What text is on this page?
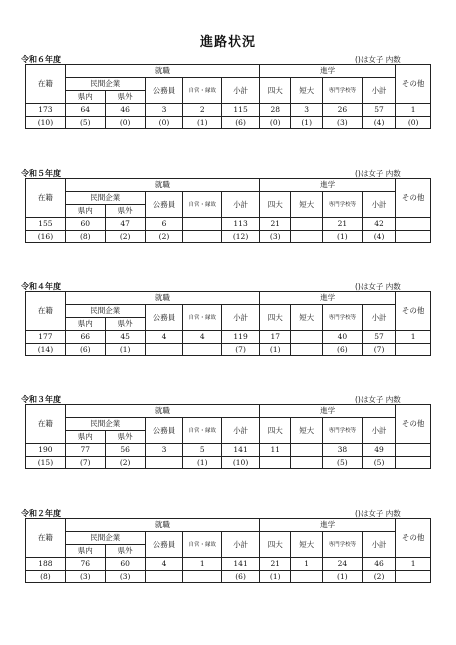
進路状況
令和６年度	()は女子 内数
在籍	就職					進学				その他
	民間企業		公務員	自営・縁故	小計	四大	短大	専門学校等	小計	
	県内	県外								
173	64	46	3	2	115	28	3	26	57	1
(10)	(5)	(0)	(0)	(1)	(6)	(0)	(1)	(3)	(4)	(0)
令和５年度	()は女子 内数
在籍	就職					進学				その他
	民間企業		公務員	自営・縁故	小計	四大	短大	専門学校等	小計	
	県内	県外								
155	60	47	6		113	21		21	42	
(16)	(8)	(2)	(2)		(12)	(3)		(1)	(4)	
令和４年度	()は女子 内数
在籍	就職					進学				その他
	民間企業		公務員	自営・縁故	小計	四大	短大	専門学校等	小計	
	県内	県外								
177	66	45	4	4	119	17		40	57	1
(14)	(6)	(1)			(7)	(1)		(6)	(7)	
令和３年度	()は女子 内数
在籍	就職					進学				その他
	民間企業		公務員	自営・縁故	小計	四大	短大	専門学校等	小計	
	県内	県外								
190	77	56	3	5	141	11		38	49	
(15)	(7)	(2)		(1)	(10)			(5)	(5)	
令和２年度	()は女子 内数
在籍	就職					進学				その他
	民間企業		公務員	自営・縁故	小計	四大	短大	専門学校等	小計	
	県内	県外								
188	76	60	4	1	141	21	1	24	46	1
(8)	(3)	(3)			(6)	(1)		(1)	(2)	
